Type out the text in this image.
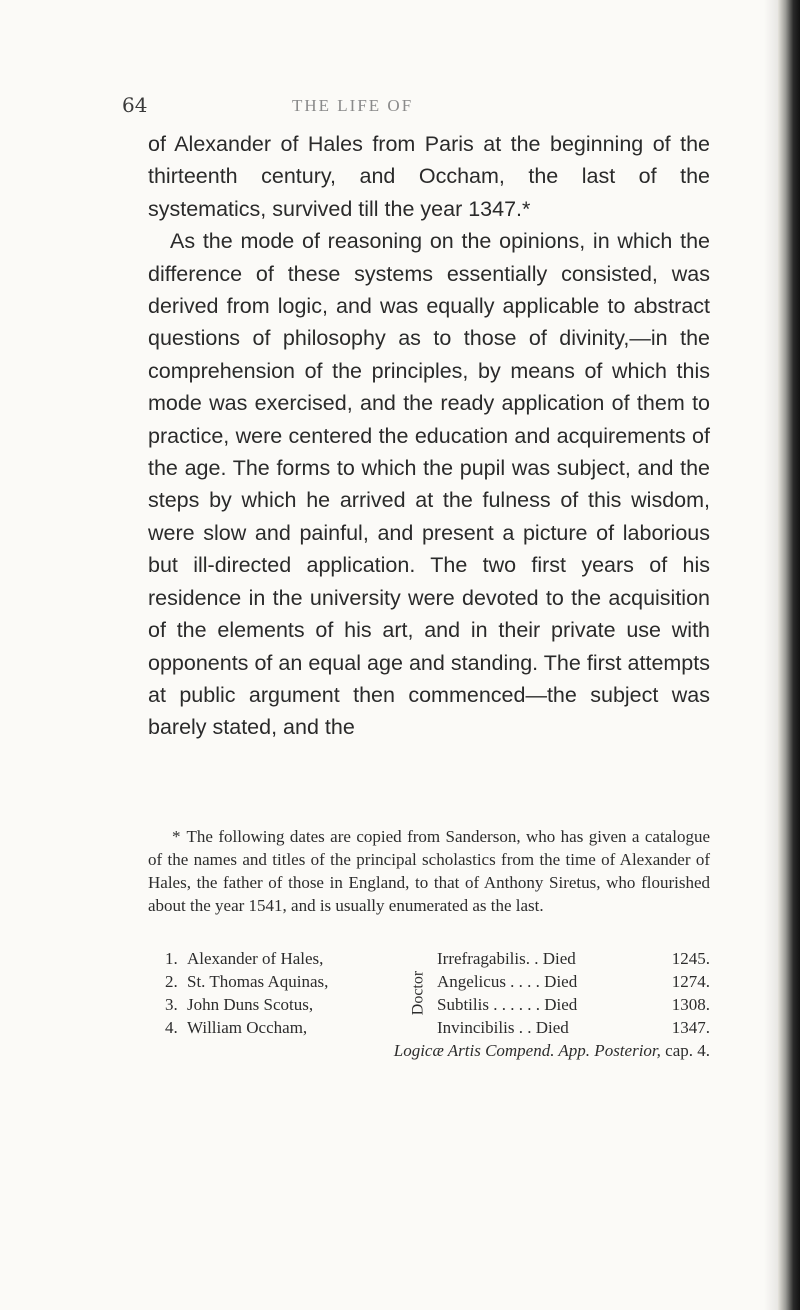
64	THE LIFE OF

of Alexander of Hales from Paris at the beginning of the thirteenth century, and Occham, the last of the systematics, survived till the year 1347.*

As the mode of reasoning on the opinions, in which the difference of these systems essentially consisted, was derived from logic, and was equally applicable to abstract questions of philosophy as to those of divinity,—in the comprehension of the principles, by means of which this mode was exercised, and the ready application of them to practice, were centered the education and acquirements of the age. The forms to which the pupil was subject, and the steps by which he arrived at the fulness of this wisdom, were slow and painful, and present a picture of laborious but ill-directed application. The two first years of his residence in the university were devoted to the acquisition of the elements of his art, and in their private use with opponents of an equal age and standing. The first attempts at public argument then commenced—the subject was barely stated, and the

* The following dates are copied from Sanderson, who has given a catalogue of the names and titles of the principal scholastics from the time of Alexander of Hales, the father of those in England, to that of Anthony Siretus, who flourished about the year 1541, and is usually enumerated as the last.

Doctor
1. Alexander of Hales,	Irrefragabilis. . Died	1245.
2. St. Thomas Aquinas,	Angelicus . . . . Died	1274.
3. John Duns Scotus,	Subtilis . . . . . . Died	1308.
4. William Occham,	Invincibilis . . Died	1347.
Logicæ Artis Compend. App. Posterior, cap. 4.
